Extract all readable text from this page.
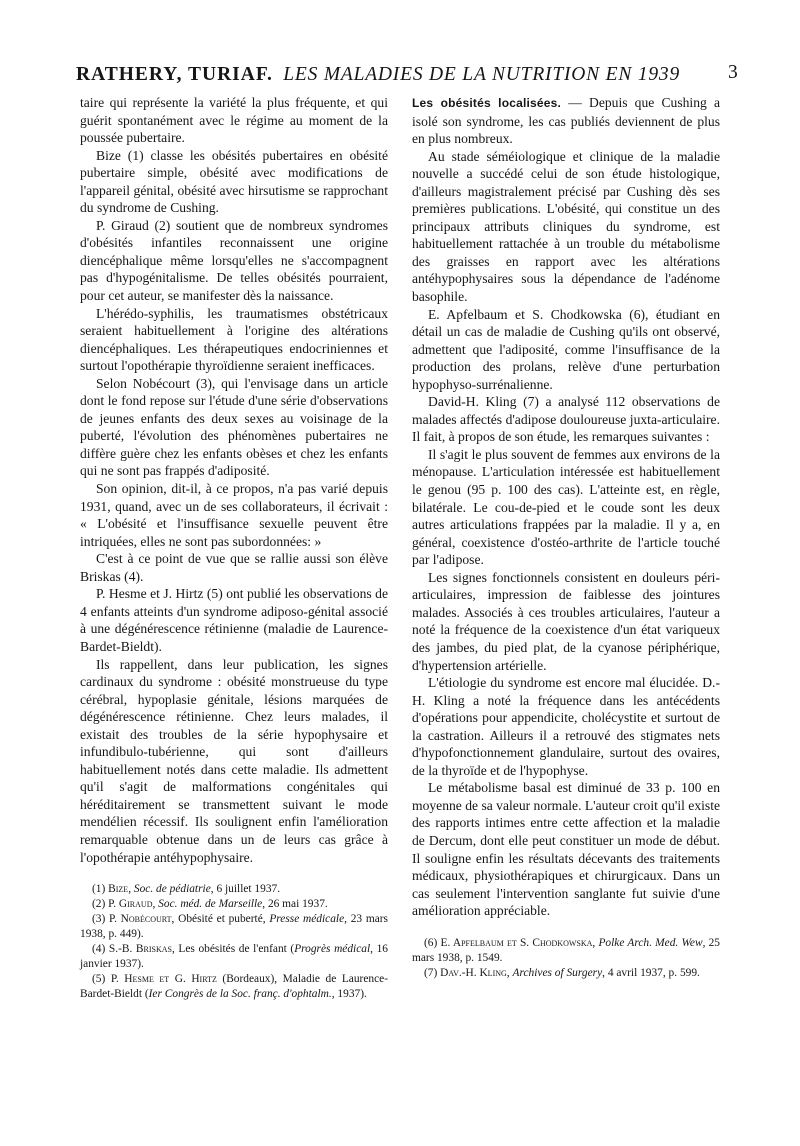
RATHERY, TURIAF. LES MALADIES DE LA NUTRITION EN 1939 3

taire qui représente la variété la plus fréquente, et qui guérit spontanément avec le régime au moment de la poussée pubertaire.

Bize (1) classe les obésités pubertaires en obésité pubertaire simple, obésité avec modifications de l'appareil génital, obésité avec hirsutisme se rapprochant du syndrome de Cushing.

P. Giraud (2) soutient que de nombreux syndromes d'obésités infantiles reconnaissent une origine diencéphalique même lorsqu'elles ne s'accompagnent pas d'hypogénitalisme. De telles obésités pourraient, pour cet auteur, se manifester dès la naissance.

L'hérédo-syphilis, les traumatismes obstétricaux seraient habituellement à l'origine des altérations diencéphaliques. Les thérapeutiques endocriniennes et surtout l'opothérapie thyroïdienne seraient inefficaces.

Selon Nobécourt (3), qui l'envisage dans un article dont le fond repose sur l'étude d'une série d'observations de jeunes enfants des deux sexes au voisinage de la puberté, l'évolution des phénomènes pubertaires ne diffère guère chez les enfants obèses et chez les enfants qui ne sont pas frappés d'adiposité.

Son opinion, dit-il, à ce propos, n'a pas varié depuis 1931, quand, avec un de ses collaborateurs, il écrivait : « L'obésité et l'insuffisance sexuelle peuvent être intriquées, elles ne sont pas subordonnées: »

C'est à ce point de vue que se rallie aussi son élève Briskas (4).

P. Hesme et J. Hirtz (5) ont publié les observations de 4 enfants atteints d'un syndrome adiposo-génital associé à une dégénérescence rétinienne (maladie de Laurence-Bardet-Bieldt).

Ils rappellent, dans leur publication, les signes cardinaux du syndrome : obésité monstrueuse du type cérébral, hypoplasie génitale, lésions marquées de dégénérescence rétinienne. Chez leurs malades, il existait des troubles de la série hypophysaire et infundibulo-tubérienne, qui sont d'ailleurs habituellement notés dans cette maladie. Ils admettent qu'il s'agit de malformations congénitales qui héréditairement se transmettent suivant le mode mendélien récessif. Ils soulignent enfin l'amélioration remarquable obtenue dans un de leurs cas grâce à l'opothérapie antéhypophysaire.

(1) Bize, Soc. de pédiatrie, 6 juillet 1937.

(2) P. Giraud, Soc. méd. de Marseille, 26 mai 1937.

(3) P. Nobécourt, Obésité et puberté, Presse médicale, 23 mars 1938, p. 449).

(4) S.-B. Briskas, Les obésités de l'enfant (Progrès médical, 16 janvier 1937).

(5) P. Hesme et G. Hirtz (Bordeaux), Maladie de Laurence-Bardet-Bieldt (Ier Congrès de la Soc. franç. d'ophtalm., 1937).

Les obésités localisées. — Depuis que Cushing a isolé son syndrome, les cas publiés deviennent de plus en plus nombreux.

Au stade séméiologique et clinique de la maladie nouvelle a succédé celui de son étude histologique, d'ailleurs magistralement précisé par Cushing dès ses premières publications. L'obésité, qui constitue un des principaux attributs cliniques du syndrome, est habituellement rattachée à un trouble du métabolisme des graisses en rapport avec les altérations antéhypophysaires sous la dépendance de l'adénome basophile.

E. Apfelbaum et S. Chodkowska (6), étudiant en détail un cas de maladie de Cushing qu'ils ont observé, admettent que l'adiposité, comme l'insuffisance de la production des prolans, relève d'une perturbation hypophyso-surrénalienne.

David-H. Kling (7) a analysé 112 observations de malades affectés d'adipose douloureuse juxta-articulaire. Il fait, à propos de son étude, les remarques suivantes :

Il s'agit le plus souvent de femmes aux environs de la ménopause. L'articulation intéressée est habituellement le genou (95 p. 100 des cas). L'atteinte est, en règle, bilatérale. Le cou-de-pied et le coude sont les deux autres articulations frappées par la maladie. Il y a, en général, coexistence d'ostéo-arthrite de l'article touché par l'adipose.

Les signes fonctionnels consistent en douleurs péri-articulaires, impression de faiblesse des jointures malades. Associés à ces troubles articulaires, l'auteur a noté la fréquence de la coexistence d'un état variqueux des jambes, du pied plat, de la cyanose périphérique, d'hypertension artérielle.

L'étiologie du syndrome est encore mal élucidée. D.-H. Kling a noté la fréquence dans les antécédents d'opérations pour appendicite, cholécystite et surtout de la castration. Ailleurs il a retrouvé des stigmates nets d'hypofonctionnement glandulaire, surtout des ovaires, de la thyroïde et de l'hypophyse.

Le métabolisme basal est diminué de 33 p. 100 en moyenne de sa valeur normale. L'auteur croit qu'il existe des rapports intimes entre cette affection et la maladie de Dercum, dont elle peut constituer un mode de début. Il souligne enfin les résultats décevants des traitements médicaux, physiothérapiques et chirurgicaux. Dans un cas seulement l'intervention sanglante fut suivie d'une amélioration appréciable.

(6) E. Apfelbaum et S. Chodkowska, Polke Arch. Med. Wew, 25 mars 1938, p. 1549.

(7) Dav.-H. Kling, Archives of Surgery, 4 avril 1937, p. 599.
